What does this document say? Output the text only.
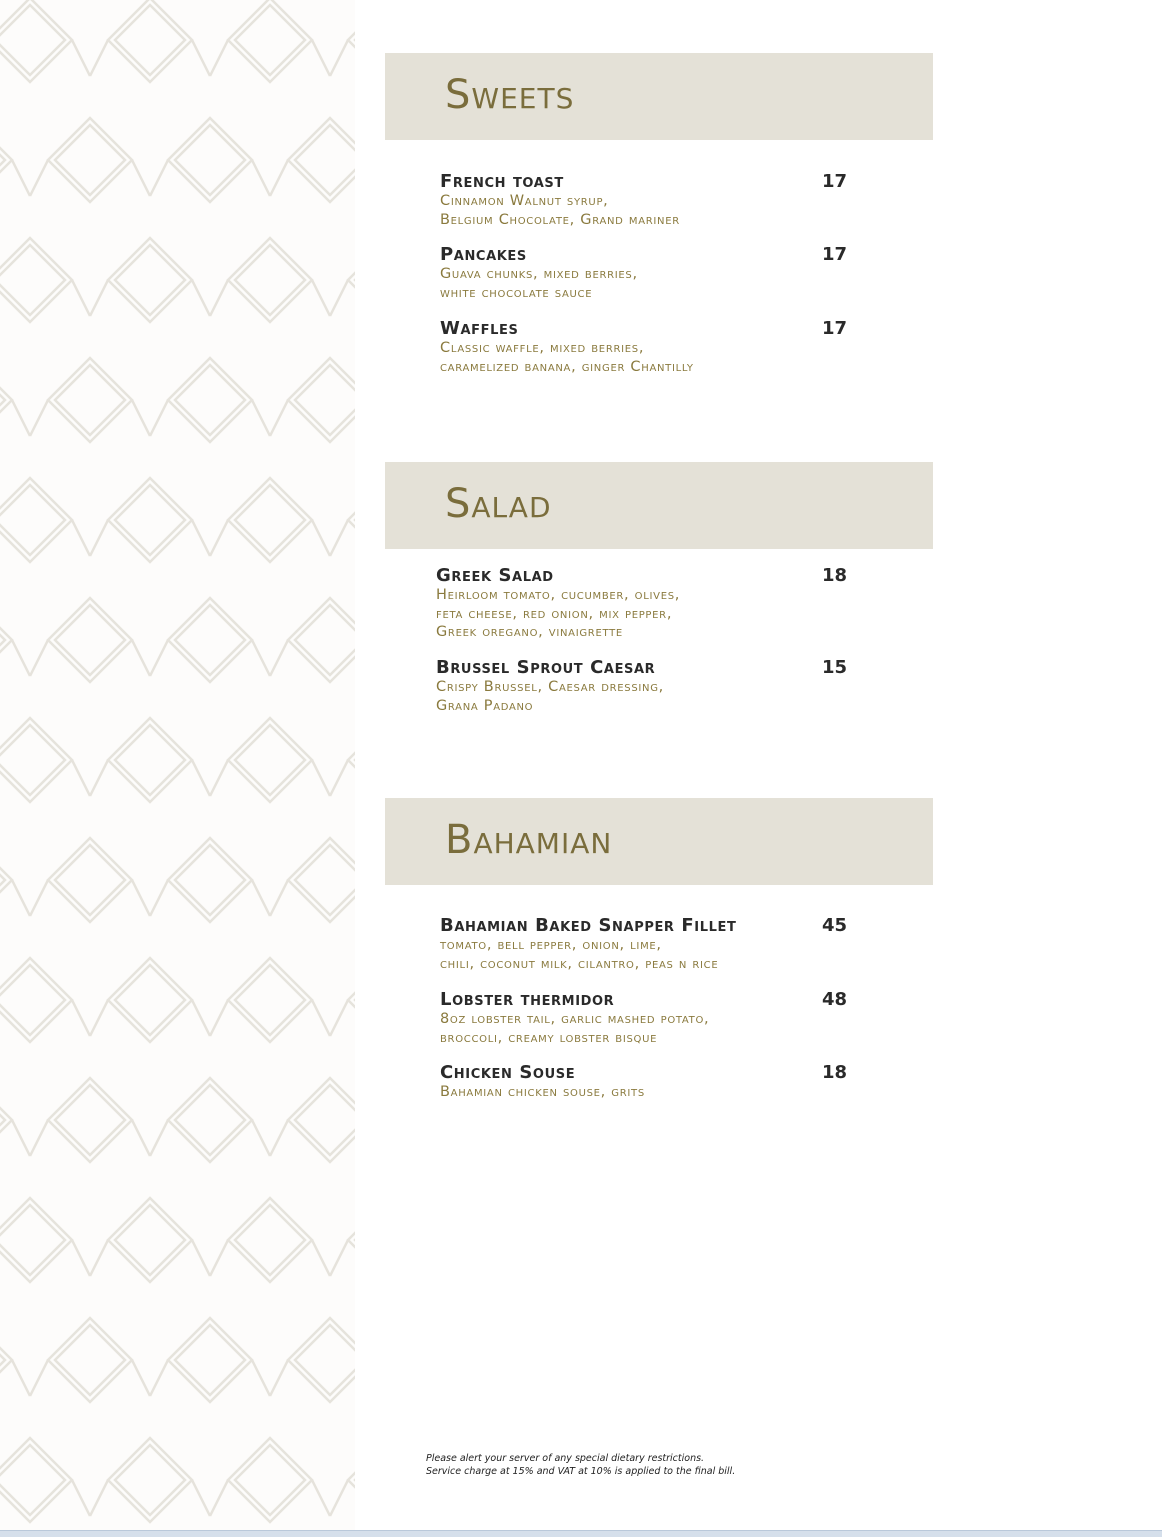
Sweets
French toast
Cinnamon Walnut syrup,
Belgium Chocolate, Grand mariner
17
Pancakes
Guava chunks, mixed berries,
white chocolate sauce
17
Waffles
Classic waffle, mixed berries,
caramelized banana, ginger Chantilly
17
Salad
Greek Salad
Heirloom tomato, cucumber, olives,
feta cheese, red onion, mix pepper,
Greek oregano, vinaigrette
18
Brussel Sprout Caesar
Crispy Brussel, Caesar dressing,
Grana Padano
15
Bahamian
Bahamian Baked Snapper Fillet
tomato, bell pepper, onion, lime,
chili, coconut milk, cilantro, peas n rice
45
Lobster thermidor
8oz lobster tail, garlic mashed potato,
broccoli, creamy lobster bisque
48
Chicken Souse
Bahamian chicken souse, grits
18
Please alert your server of any special dietary restrictions.
Service charge at 15% and VAT at 10% is applied to the final bill.
